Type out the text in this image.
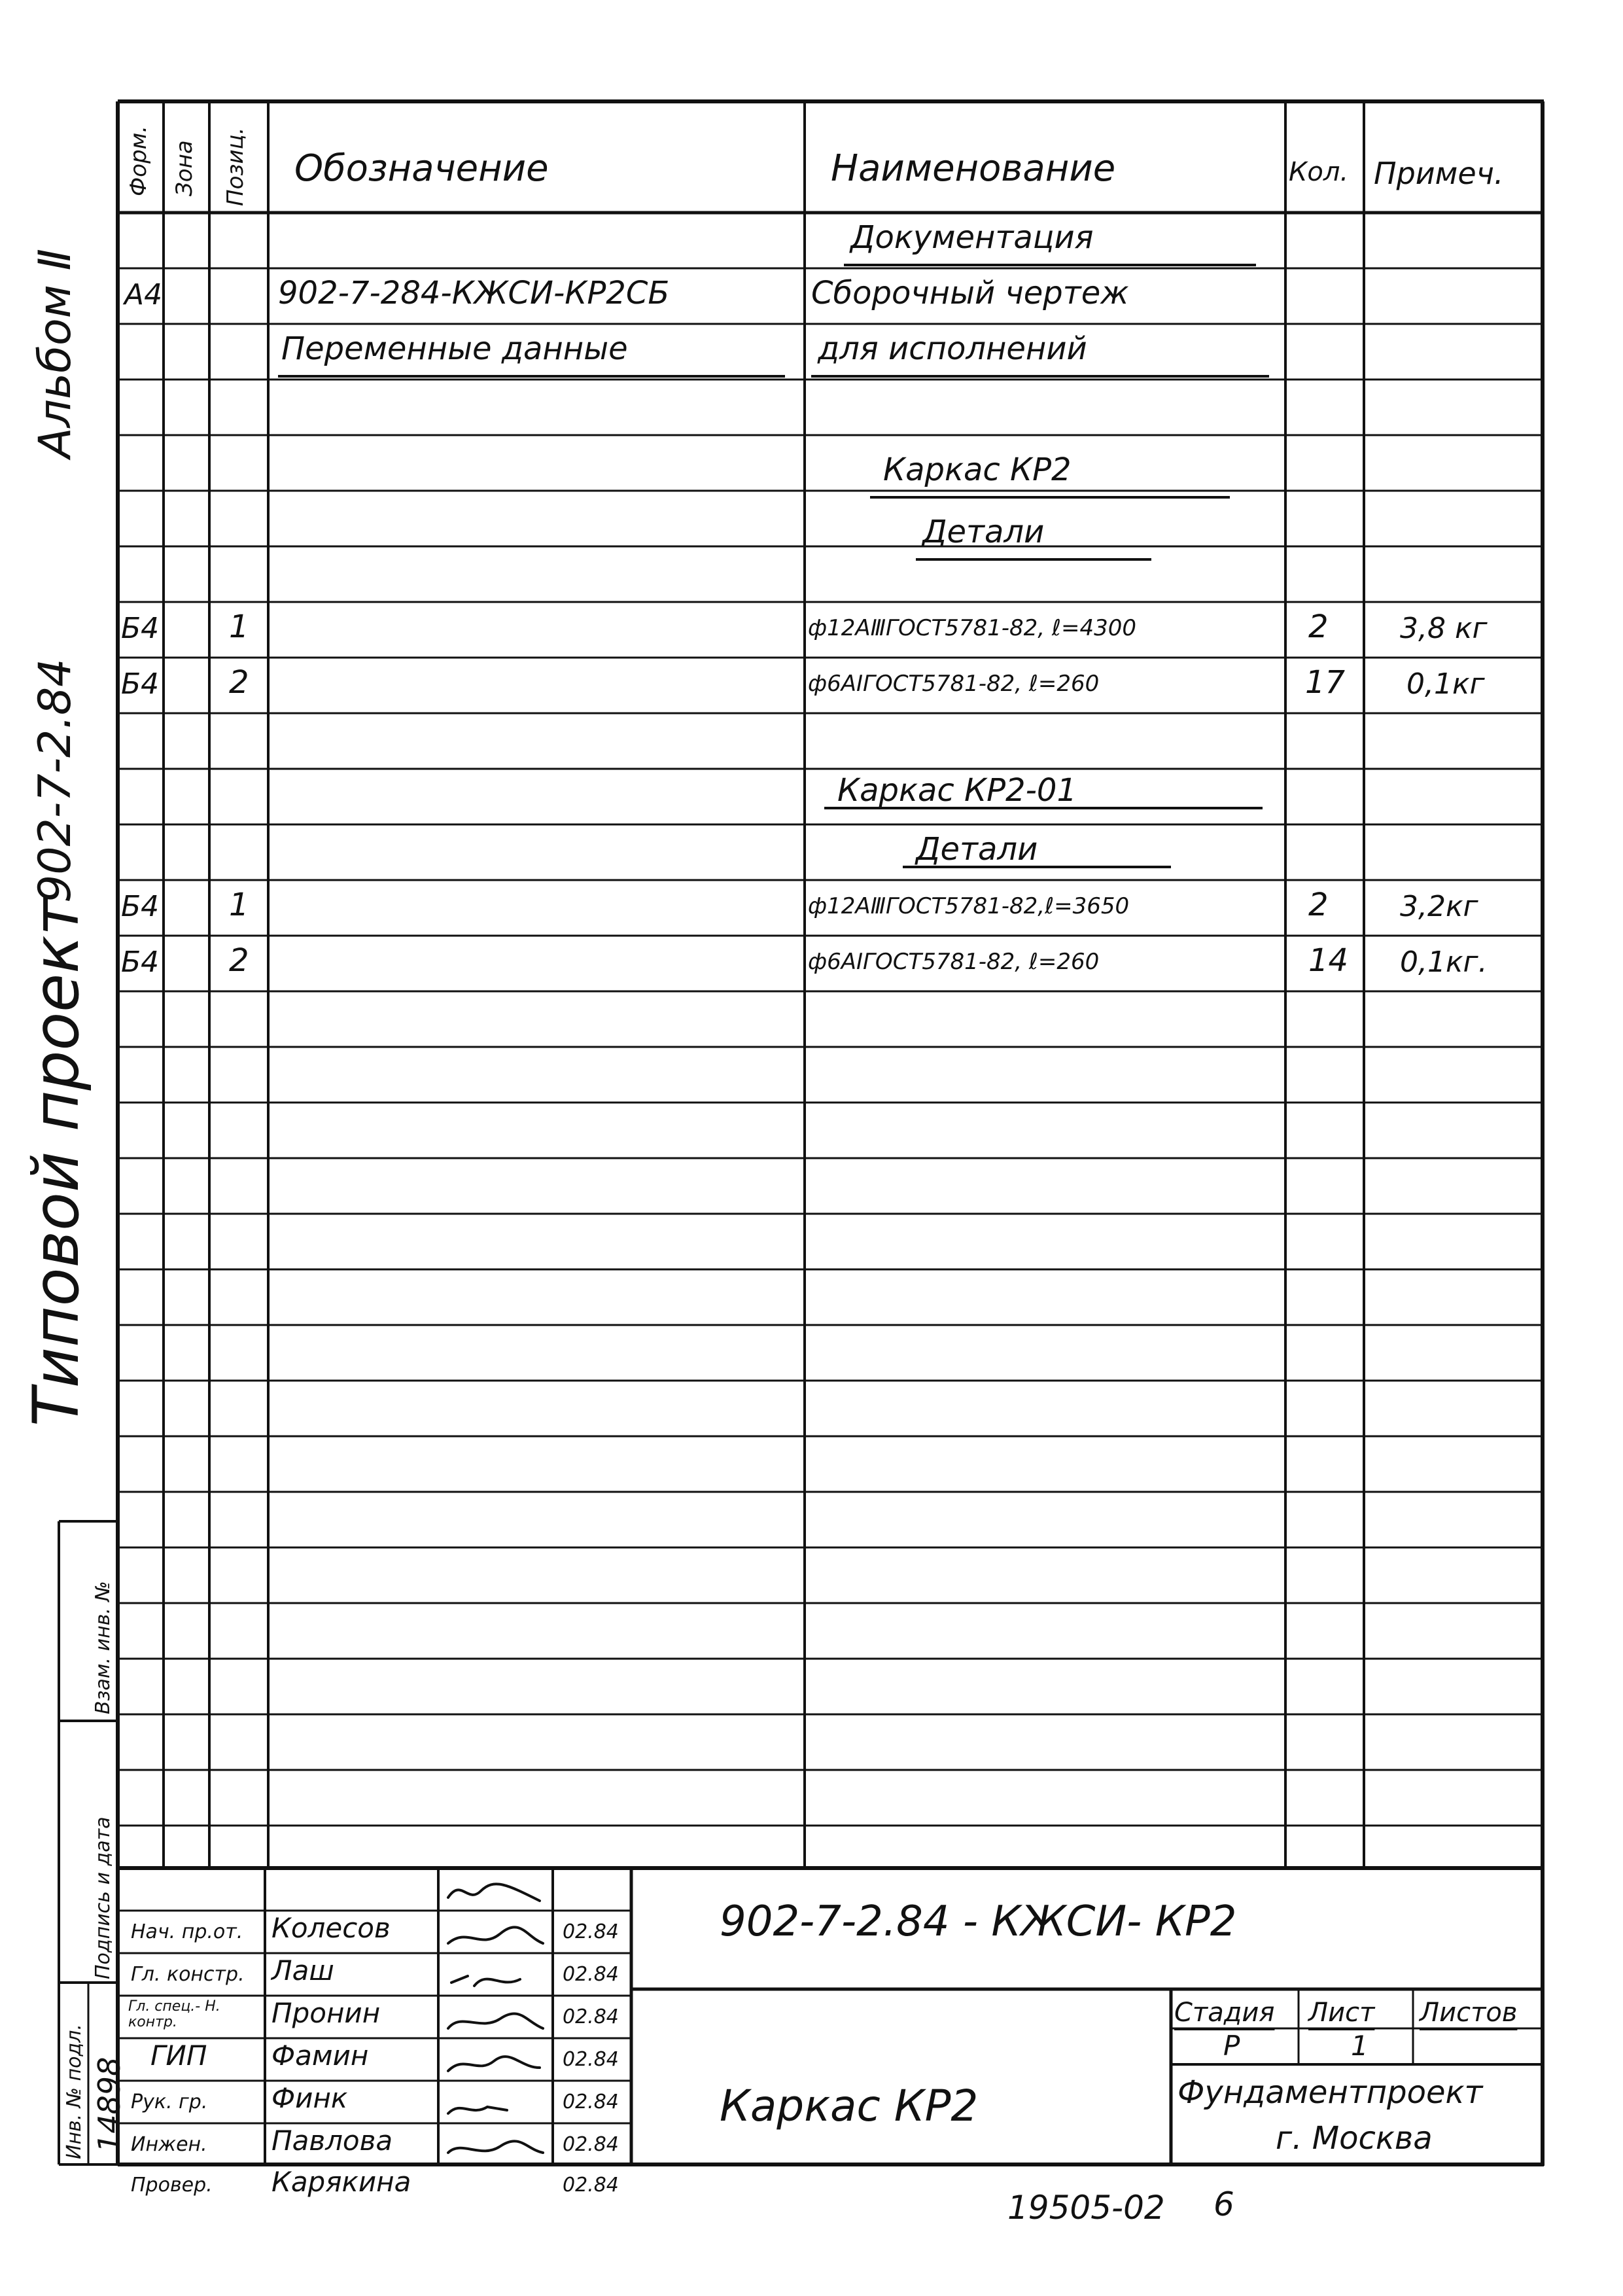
Типовой проект
902-7-2.84
Альбом Ⅱ
Взам. инв. №
Подпись и дата
Инв. № подл. 14898
Форм. Зона Позиц. Обозначение	Наименование	Кол. Примеч.
Документация
А4	902-7-284-КЖСИ-КР2СБ	Сборочный чертеж
Переменные данные	для исполнений
Каркас КР2
Детали
Б4 1	ф12АⅢГОСТ5781-82, ℓ=4300	2 3,8 кг
Б4 2	ф6АⅠГОСТ5781-82, ℓ=260	17 0,1кг
Каркас КР2-01
Детали
Б4 1	ф12АⅢГОСТ5781-82,ℓ=3650	2 3,2кг
Б4 2	ф6АⅠГОСТ5781-82, ℓ=260	14 0,1кг.
902-7-2.84 - КЖСИ- КР2
Нач. пр.от. Колесов	02.84
Гл. констр. Лаш	02.84
Гл. спец.- Н. контр.	Пронин	02.84
ГИП Фамин	02.84
Рук. гр. Финк	02.84
Инжен. Павлова	02.84
Провер. Карякина	02.84
Каркас КР2
Стадия Лист Листов
Р	1
Фундаментпроект
г. Москва
19505-02 6
